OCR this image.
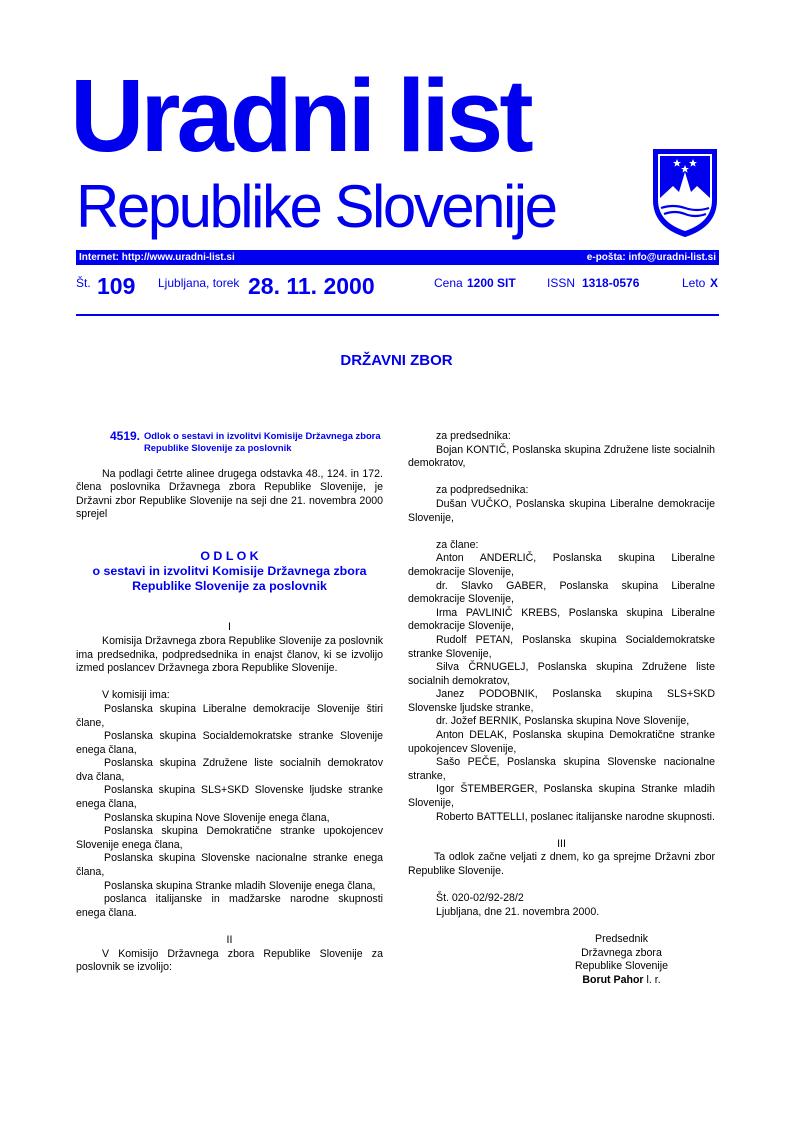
Uradni list
Republike Slovenije
Internet: http://www.uradni-list.si	e-pošta: info@uradni-list.si
Št. 109 Ljubljana, torek 28. 11. 2000	Cena 1200 SIT	ISSN 1318-0576	Leto X
DRŽAVNI ZBOR
4519. Odlok o sestavi in izvolitvi Komisije Državnega zbora Republike Slovenije za poslovnik

Na podlagi četrte alinee drugega odstavka 48., 124. in 172. člena poslovnika Državnega zbora Republike Slovenije, je Državni zbor Republike Slovenije na seji dne 21. novembra 2000 sprejel

O D L O K
o sestavi in izvolitvi Komisije Državnega zbora Republike Slovenije za poslovnik

I

Komisija Državnega zbora Republike Slovenije za poslovnik ima predsednika, podpredsednika in enajst članov, ki se izvolijo izmed poslancev Državnega zbora Republike Slovenije.

V komisiji ima:

Poslanska skupina Liberalne demokracije Slovenije štiri člane,

Poslanska skupina Socialdemokratske stranke Slovenije enega člana,

Poslanska skupina Združene liste socialnih demokratov dva člana,

Poslanska skupina SLS+SKD Slovenske ljudske stranke enega člana,

Poslanska skupina Nove Slovenije enega člana,

Poslanska skupina Demokratične stranke upokojencev Slovenije enega člana,

Poslanska skupina Slovenske nacionalne stranke enega člana,

Poslanska skupina Stranke mladih Slovenije enega člana,

poslanca italijanske in madžarske narodne skupnosti enega člana.

II

V Komisijo Državnega zbora Republike Slovenije za poslovnik se izvolijo:

za predsednika:

Bojan KONTIČ, Poslanska skupina Združene liste socialnih demokratov,

za podpredsednika:

Dušan VUČKO, Poslanska skupina Liberalne demokracije Slovenije,

za člane:

Anton ANDERLIČ, Poslanska skupina Liberalne demokracije Slovenije,

dr. Slavko GABER, Poslanska skupina Liberalne demokracije Slovenije,

Irma PAVLINIČ KREBS, Poslanska skupina Liberalne demokracije Slovenije,

Rudolf PETAN, Poslanska skupina Socialdemokratske stranke Slovenije,

Silva ČRNUGELJ, Poslanska skupina Združene liste socialnih demokratov,

Janez PODOBNIK, Poslanska skupina SLS+SKD Slovenske ljudske stranke,

dr. Jožef BERNIK, Poslanska skupina Nove Slovenije,

Anton DELAK, Poslanska skupina Demokratične stranke upokojencev Slovenije,

Sašo PEČE, Poslanska skupina Slovenske nacionalne stranke,

Igor ŠTEMBERGER, Poslanska skupina Stranke mladih Slovenije,

Roberto BATTELLI, poslanec italijanske narodne skupnosti.

III

Ta odlok začne veljati z dnem, ko ga sprejme Državni zbor Republike Slovenije.

Št. 020-02/92-28/2

Ljubljana, dne 21. novembra 2000.

Predsednik

Državnega zbora

Republike Slovenije

Borut Pahor l. r.
